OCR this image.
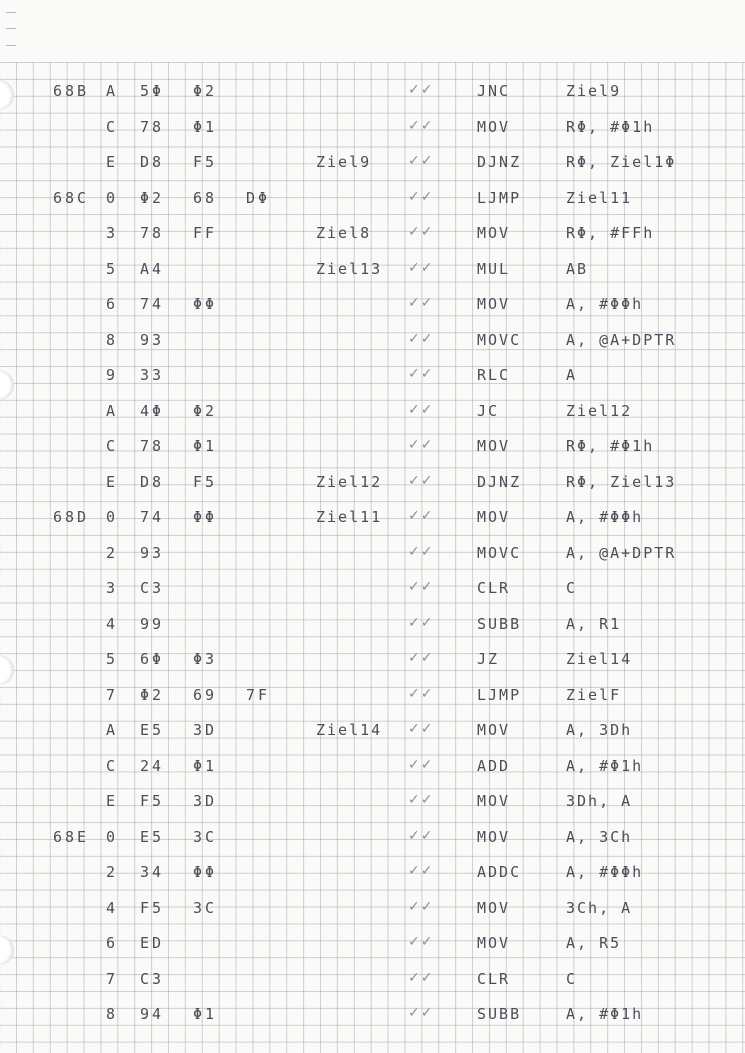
68B A 5Φ Φ2	✓✓	JNC	Ziel9
C 78 Φ1	✓✓	MOV	RΦ, #Φ1h
E D8 F5	Ziel9	✓✓	DJNZ	RΦ, Ziel1Φ
68C 0 Φ2 68 DΦ	✓✓	LJMP	Ziel11
3 78 FF	Ziel8	✓✓	MOV	RΦ, #FFh
5 A4	Ziel13 ✓✓	MUL	AB
6 74 ΦΦ	✓✓	MOV	A, #ΦΦh
8 93	✓✓	MOVC	A, @A+DPTR
9 33	✓✓	RLC	A
A 4Φ Φ2	✓✓	JC	Ziel12
C 78 Φ1	✓✓	MOV	RΦ, #Φ1h
E D8 F5	Ziel12 ✓✓	DJNZ	RΦ, Ziel13
68D 0 74 ΦΦ	Ziel11 ✓✓	MOV	A, #ΦΦh
2 93	✓✓	MOVC	A, @A+DPTR
3 C3	✓✓	CLR	C
4 99	✓✓	SUBB	A, R1
5 6Φ Φ3	✓✓	JZ	Ziel14
7 Φ2 69 7F	✓✓	LJMP	ZielF
A E5 3D	Ziel14 ✓✓	MOV	A, 3Dh
C 24 Φ1	✓✓	ADD	A, #Φ1h
E F5 3D	✓✓	MOV	3Dh, A
68E 0 E5 3C	✓✓	MOV	A, 3Ch
2 34 ΦΦ	✓✓	ADDC	A, #ΦΦh
4 F5 3C	✓✓	MOV	3Ch, A
6 ED	✓✓	MOV	A, R5
7 C3	✓✓	CLR	C
8 94 Φ1	✓✓	SUBB	A, #Φ1h
